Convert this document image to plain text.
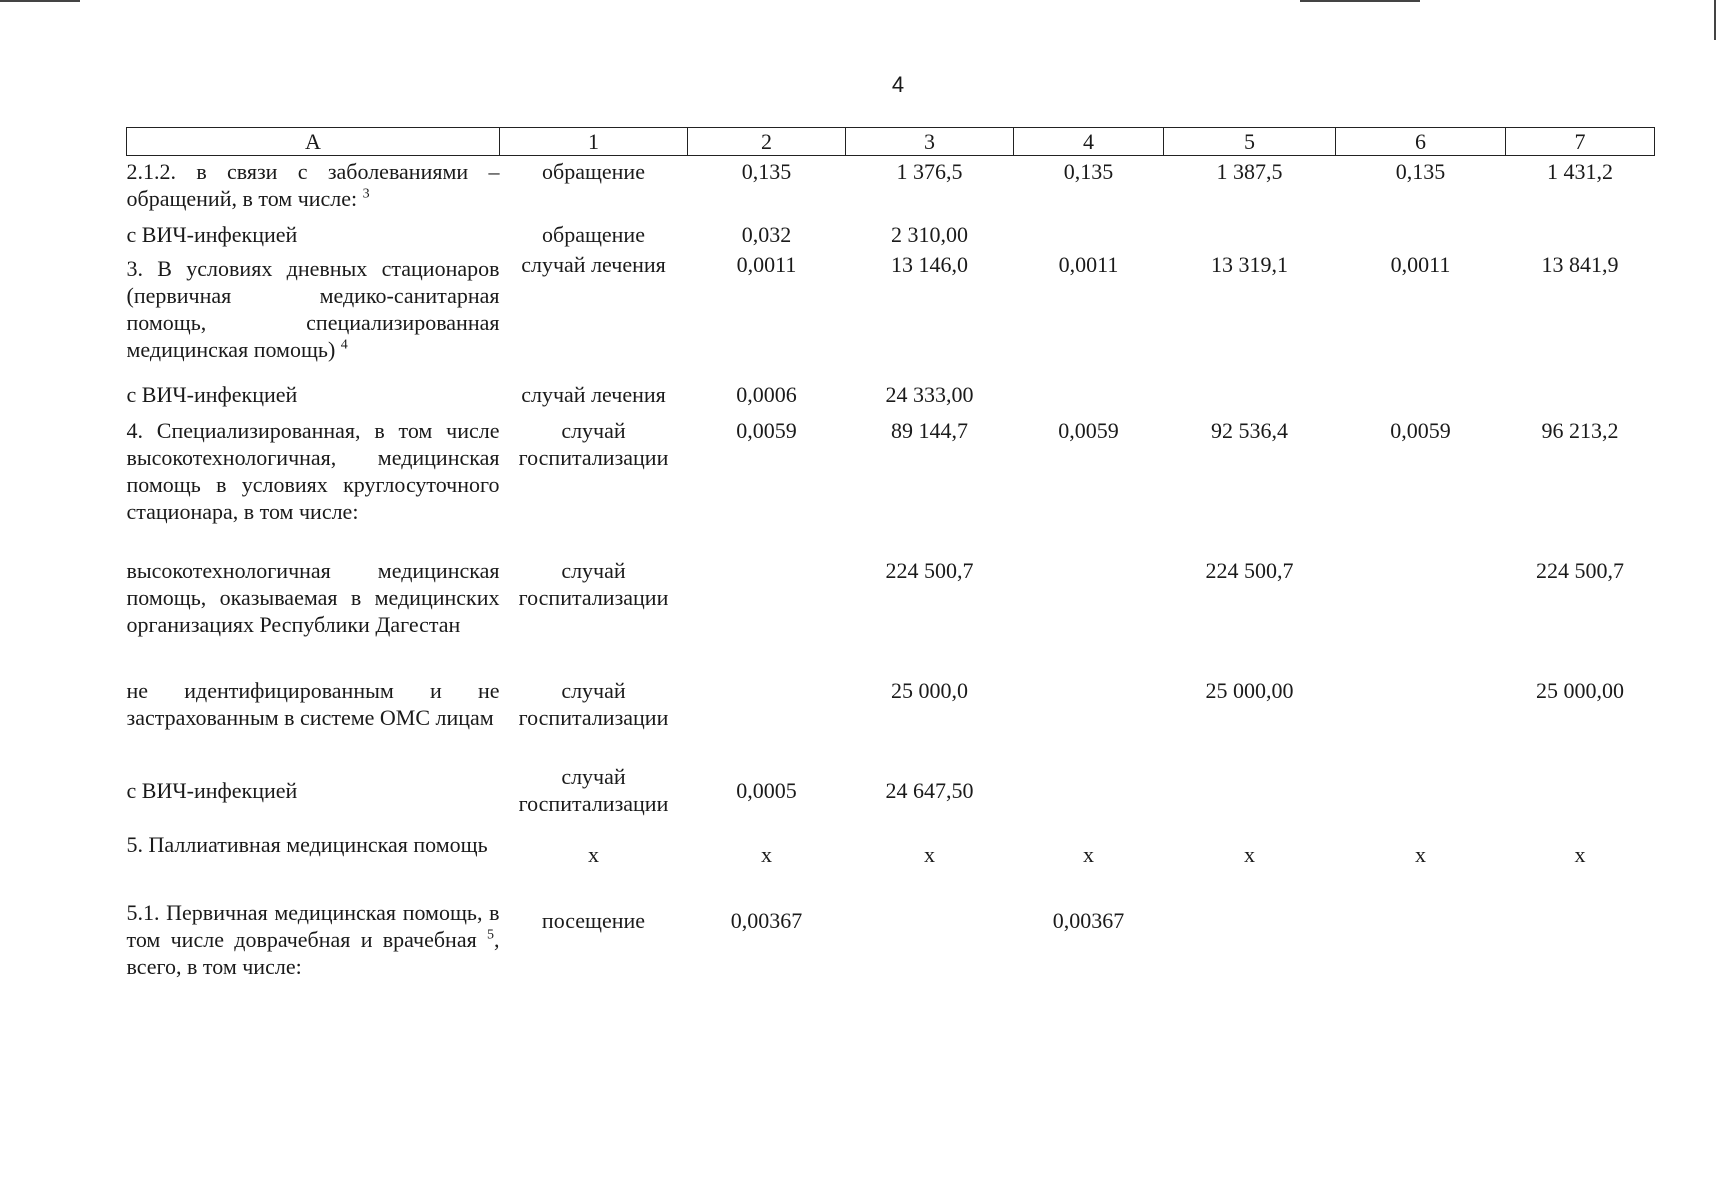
4
А	1	2	3	4	5	6	7
2.1.2. в связи с заболеваниями – обращений, в том числе: $^3$	обращение	0,135	1 376,5	0,135	1 387,5	0,135	1 431,2
с ВИЧ-инфекцией	обращение	0,032	2 310,00				
3. В условиях дневных стационаров (первичная медико-санитарная помощь, специализированная медицинская помощь) $^4$	случай лечения	0,0011	13 146,0	0,0011	13 319,1	0,0011	13 841,9
с ВИЧ-инфекцией	случай лечения	0,0006	24 333,00				
4. Специализированная, в том числе высокотехнологичная, медицинская помощь в условиях круглосуточного стационара, в том числе:	случай госпитализации	0,0059	89 144,7	0,0059	92 536,4	0,0059	96 213,2
высокотехнологичная медицинская помощь, оказываемая в медицинских организациях Республики Дагестан	случай госпитализации		224 500,7		224 500,7		224 500,7
не идентифицированным и не застрахованным в системе ОМС лицам	случай госпитализации		25 000,0		25 000,00		25 000,00
с ВИЧ-инфекцией	случай госпитализации	0,0005	24 647,50				
5. Паллиативная медицинская помощь	х	х	х	х	х	х	х
5.1. Первичная медицинская помощь, в том числе доврачебная и врачебная $^5$, всего, в том числе:	посещение	0,00367		0,00367			
